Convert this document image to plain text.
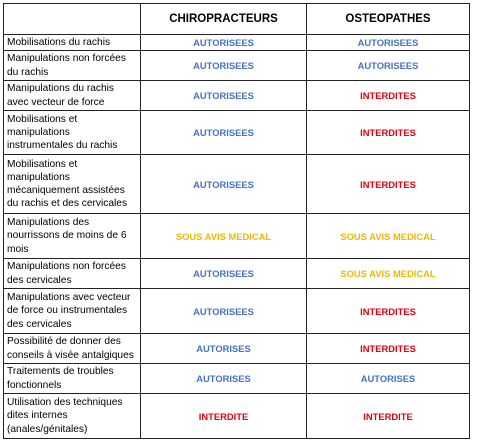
	CHIROPRACTEURS	OSTEOPATHES
Mobilisations du rachis	AUTORISEES	AUTORISEES
Manipulations non forcées du rachis	AUTORISEES	AUTORISEES
Manipulations du rachis avec vecteur de force	AUTORISEES	INTERDITES
Mobilisations et manipulations instrumentales du rachis	AUTORISEES	INTERDITES
Mobilisations et manipulations mécaniquement assistées du rachis et des cervicales	AUTORISEES	INTERDITES
Manipulations des nourrissons de moins de 6 mois	SOUS AVIS MEDICAL	SOUS AVIS MEDICAL
Manipulations non forcées des cervicales	AUTORISEES	SOUS AVIS MEDICAL
Manipulations avec vecteur de force ou instrumentales des cervicales	AUTORISEES	INTERDITES
Possibilité de donner des conseils à visée antalgiques	AUTORISES	INTERDITES
Traitements de troubles fonctionnels	AUTORISES	AUTORISES
Utilisation des techniques dites internes (anales/génitales)	INTERDITE	INTERDITE
